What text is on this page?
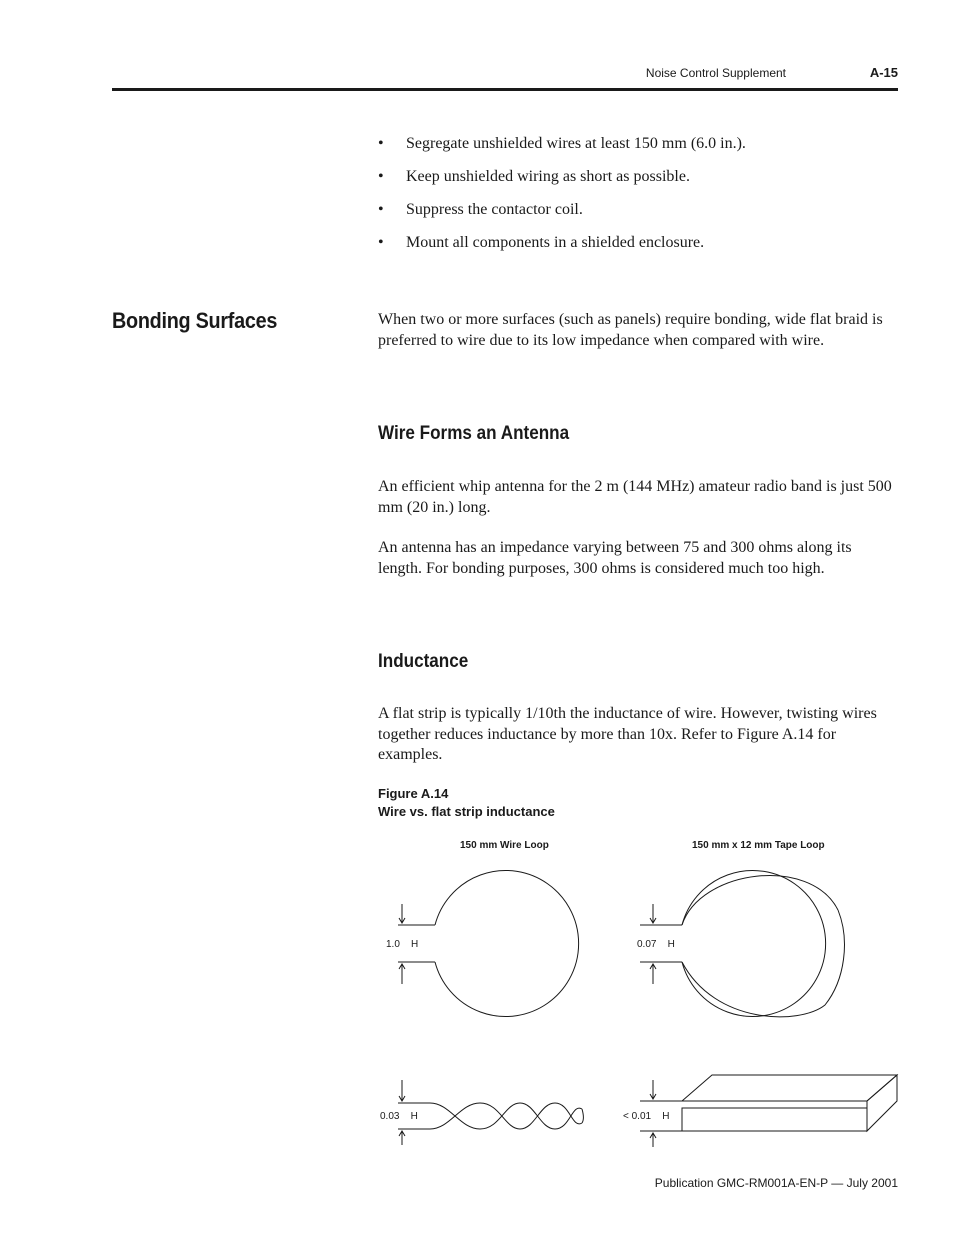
Noise Control Supplement	A-15
• Segregate unshielded wires at least 150 mm (6.0 in.).
• Keep unshielded wiring as short as possible.
• Suppress the contactor coil.
• Mount all components in a shielded enclosure.
Bonding Surfaces	When two or more surfaces (such as panels) require bonding, wide flat braid is preferred to wire due to its low impedance when compared with wire.

Wire Forms an Antenna

An efficient whip antenna for the 2 m (144 MHz) amateur radio band is just 500 mm (20 in.) long.

An antenna has an impedance varying between 75 and 300 ohms along its length. For bonding purposes, 300 ohms is considered much too high.

Inductance

A flat strip is typically 1/10th the inductance of wire. However, twisting wires together reduces inductance by more than 10x. Refer to Figure A.14 for examples.

Figure A.14
Wire vs. flat strip inductance
150 mm Wire Loop	150 mm x 12 mm Tape Loop
1.0    H	0.07    H
0.03    H	< 0.01    H
Publication GMC-RM001A-EN-P — July 2001
